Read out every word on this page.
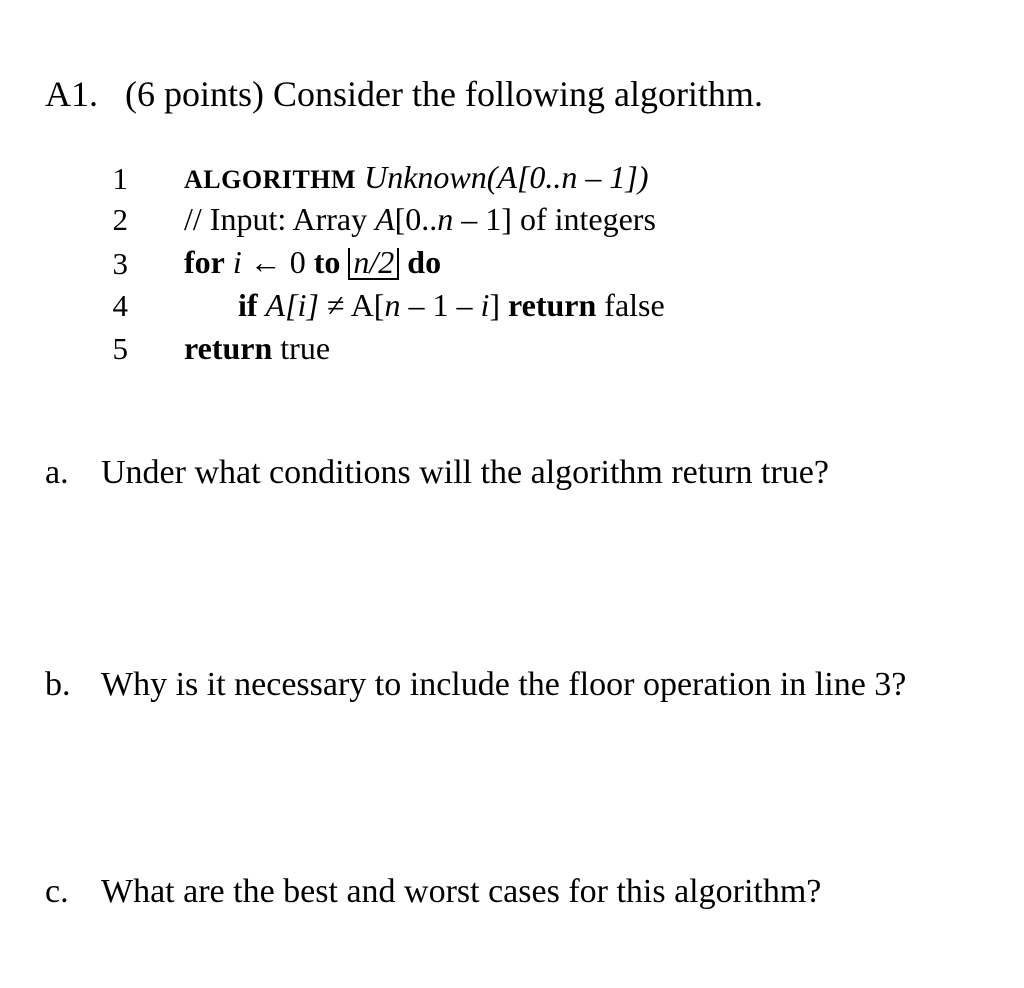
A1. (6 points) Consider the following algorithm.
1
2
3
4
5
ALGORITHM Unknown(A[0..n – 1])
// Input: Array A[0..n – 1] of integers
for i ← 0 to n/2 do
if A[i] ≠ A[n – 1 – i] return false
return true
a. Under what conditions will the algorithm return true?
b. Why is it necessary to include the floor operation in line 3?
c. What are the best and worst cases for this algorithm?
